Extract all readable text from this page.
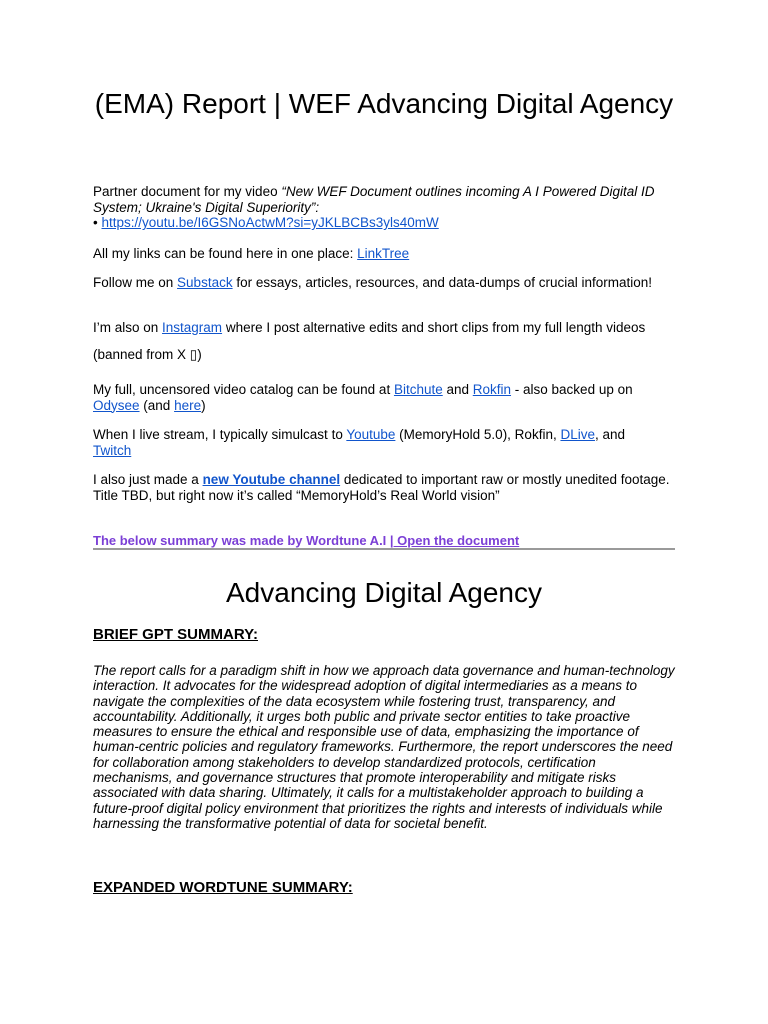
(EMA) Report | WEF Advancing Digital Agency

Partner document for my video “New WEF Document outlines incoming A I Powered Digital ID System; Ukraine's Digital Superiority”:
• https://youtu.be/I6GSNoActwM?si=yJKLBCBs3yls40mW

All my links can be found here in one place: LinkTree

Follow me on Substack for essays, articles, resources, and data-dumps of crucial information!

I’m also on Instagram where I post alternative edits and short clips from my full length videos

(banned from X ▯)

My full, uncensored video catalog can be found at Bitchute and Rokfin - also backed up on Odysee (and here)

When I live stream, I typically simulcast to Youtube (MemoryHold 5.0), Rokfin, DLive, and
Twitch

I also just made a new Youtube channel dedicated to important raw or mostly unedited footage. Title TBD, but right now it’s called “MemoryHold’s Real World vision”

The below summary was made by Wordtune A.I | Open the document

Advancing Digital Agency
BRIEF GPT SUMMARY:

The report calls for a paradigm shift in how we approach data governance and human-technology interaction. It advocates for the widespread adoption of digital intermediaries as a means to navigate the complexities of the data ecosystem while fostering trust, transparency, and accountability. Additionally, it urges both public and private sector entities to take proactive measures to ensure the ethical and responsible use of data, emphasizing the importance of human-centric policies and regulatory frameworks. Furthermore, the report underscores the need for collaboration among stakeholders to develop standardized protocols, certification mechanisms, and governance structures that promote interoperability and mitigate risks associated with data sharing. Ultimately, it calls for a multistakeholder approach to building a future-proof digital policy environment that prioritizes the rights and interests of individuals while harnessing the transformative potential of data for societal benefit.

EXPANDED WORDTUNE SUMMARY:
